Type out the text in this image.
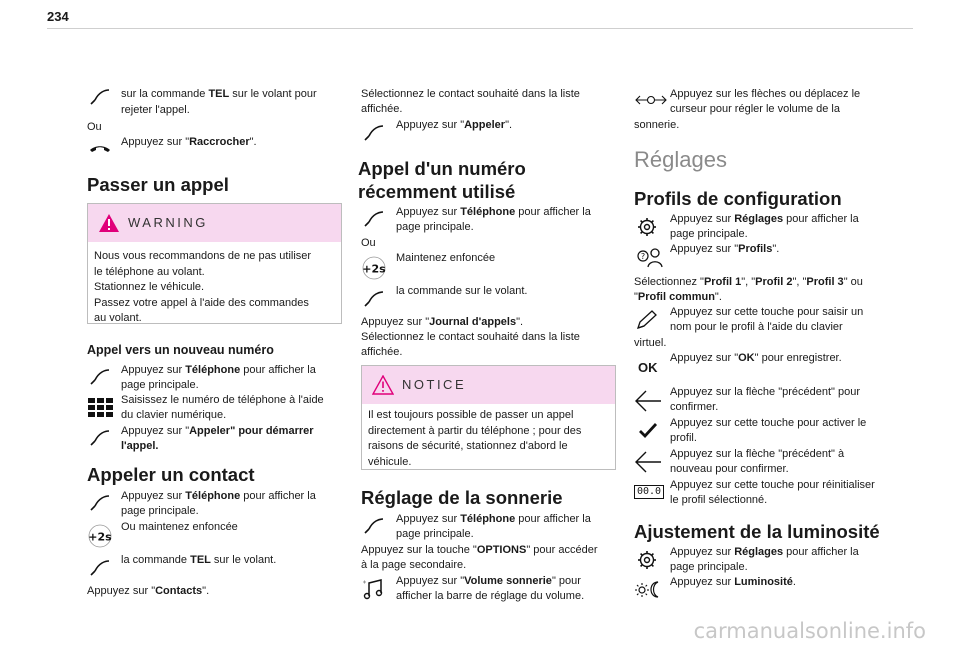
234
sur la commande TEL sur le volant pour
rejeter l'appel.
Ou
Appuyez sur "Raccrocher".
Passer un appel
WARNING
Nous vous recommandons de ne pas utiliser
le téléphone au volant.
Stationnez le véhicule.
Passez votre appel à l'aide des commandes
au volant.
Appel vers un nouveau numéro
Appuyez sur Téléphone pour afficher la
page principale.
Saisissez le numéro de téléphone à l'aide
du clavier numérique.
Appuyez sur "Appeler" pour démarrer
l'appel.
Appeler un contact
Appuyez sur Téléphone pour afficher la
page principale.
+2s
Ou maintenez enfoncée
la commande TEL sur le volant.
Appuyez sur "Contacts".
Sélectionnez le contact souhaité dans la liste
affichée.
Appuyez sur "Appeler".
Appel d'un numéro
récemment utilisé
Appuyez sur Téléphone pour afficher la
page principale.
Ou
+2s
Maintenez enfoncée
la commande sur le volant.
Appuyez sur "Journal d'appels".
Sélectionnez le contact souhaité dans la liste
affichée.
NOTICE
Il est toujours possible de passer un appel
directement à partir du téléphone ; pour des
raisons de sécurité, stationnez d'abord le
véhicule.
Réglage de la sonnerie
Appuyez sur Téléphone pour afficher la
page principale.
Appuyez sur la touche "OPTIONS" pour accéder
à la page secondaire.
Appuyez sur "Volume sonnerie" pour
afficher la barre de réglage du volume.
Appuyez sur les flèches ou déplacez le
curseur pour régler le volume de la
sonnerie.
Réglages
Profils de configuration
Appuyez sur Réglages pour afficher la
page principale.
?
Appuyez sur "Profils".
Sélectionnez "Profil 1", "Profil 2", "Profil 3" ou
"Profil commun".
Appuyez sur cette touche pour saisir un
nom pour le profil à l'aide du clavier
virtuel.
OK
Appuyez sur "OK" pour enregistrer.
Appuyez sur la flèche "précédent" pour
confirmer.
Appuyez sur cette touche pour activer le
profil.
Appuyez sur la flèche "précédent" à
nouveau pour confirmer.
00.0
Appuyez sur cette touche pour réinitialiser
le profil sélectionné.
Ajustement de la luminosité
Appuyez sur Réglages pour afficher la
page principale.
Appuyez sur Luminosité.
carmanualsonline.info
